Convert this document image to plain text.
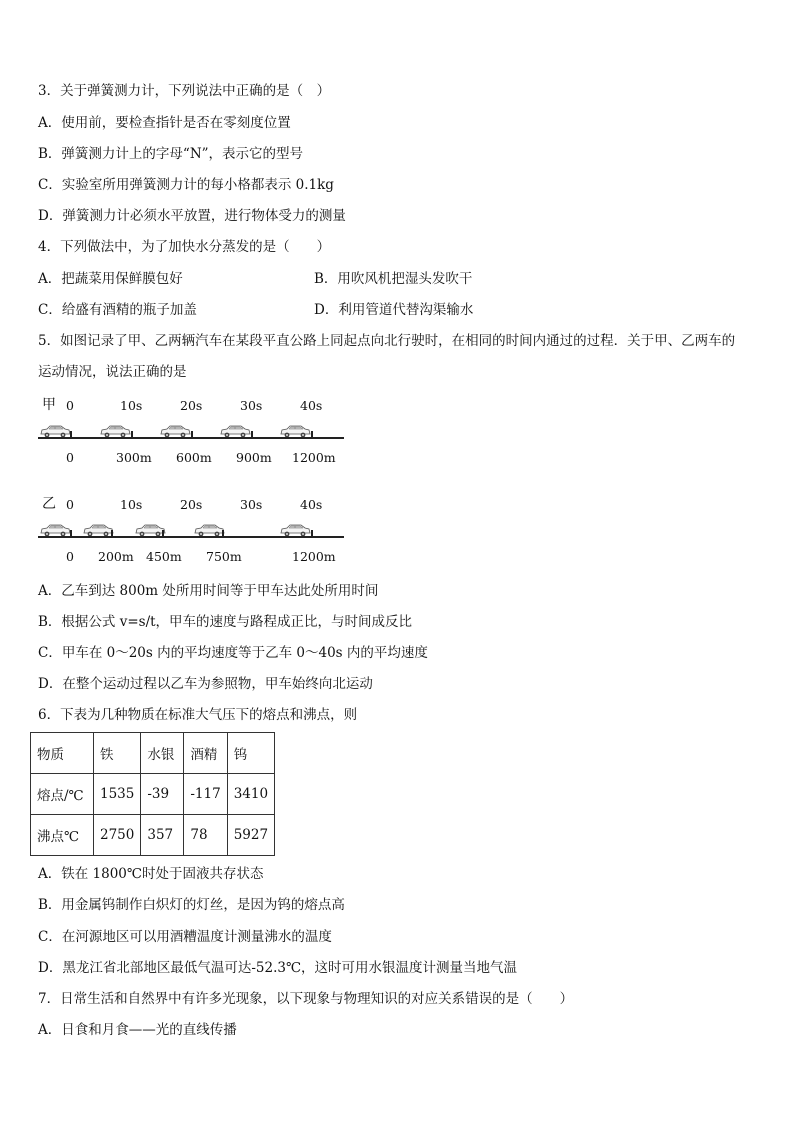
3．关于弹簧测力计，下列说法中正确的是（　）
A．使用前，要检查指针是否在零刻度位置
B．弹簧测力计上的字母“N”，表示它的型号
C．实验室所用弹簧测力计的每小格都表示 0.1kg
D．弹簧测力计必须水平放置，进行物体受力的测量
4．下列做法中，为了加快水分蒸发的是（　　）
A．把蔬菜用保鲜膜包好	B．用吹风机把湿头发吹干
C．给盛有酒精的瓶子加盖	D．利用管道代替沟渠输水
5．如图记录了甲、乙两辆汽车在某段平直公路上同起点向北行驶时，在相同的时间内通过的过程．关于甲、乙两车的
运动情况，说法正确的是
甲 0	10s	20s	30s	40s
0	300m 600m 900m 1200m
乙 0	10s	20s	30s	40s
0 200m 450m 750m	1200m
A．乙车到达 800m 处所用时间等于甲车达此处所用时间
B．根据公式 v=s/t，甲车的速度与路程成正比，与时间成反比
C．甲车在 0～20s 内的平均速度等于乙车 0～40s 内的平均速度
D．在整个运动过程以乙车为参照物，甲车始终向北运动
6．下表为几种物质在标准大气压下的熔点和沸点，则
物质	铁	水银	酒精	钨
熔点/℃	1535	-39	-117	3410
沸点℃	2750	357	78	5927
A．铁在 1800℃时处于固液共存状态
B．用金属钨制作白炽灯的灯丝，是因为钨的熔点高
C．在河源地区可以用酒糟温度计测量沸水的温度
D．黑龙江省北部地区最低气温可达-52.3℃，这时可用水银温度计测量当地气温
7．日常生活和自然界中有许多光现象，以下现象与物理知识的对应关系错误的是（　　）
A．日食和月食——光的直线传播
